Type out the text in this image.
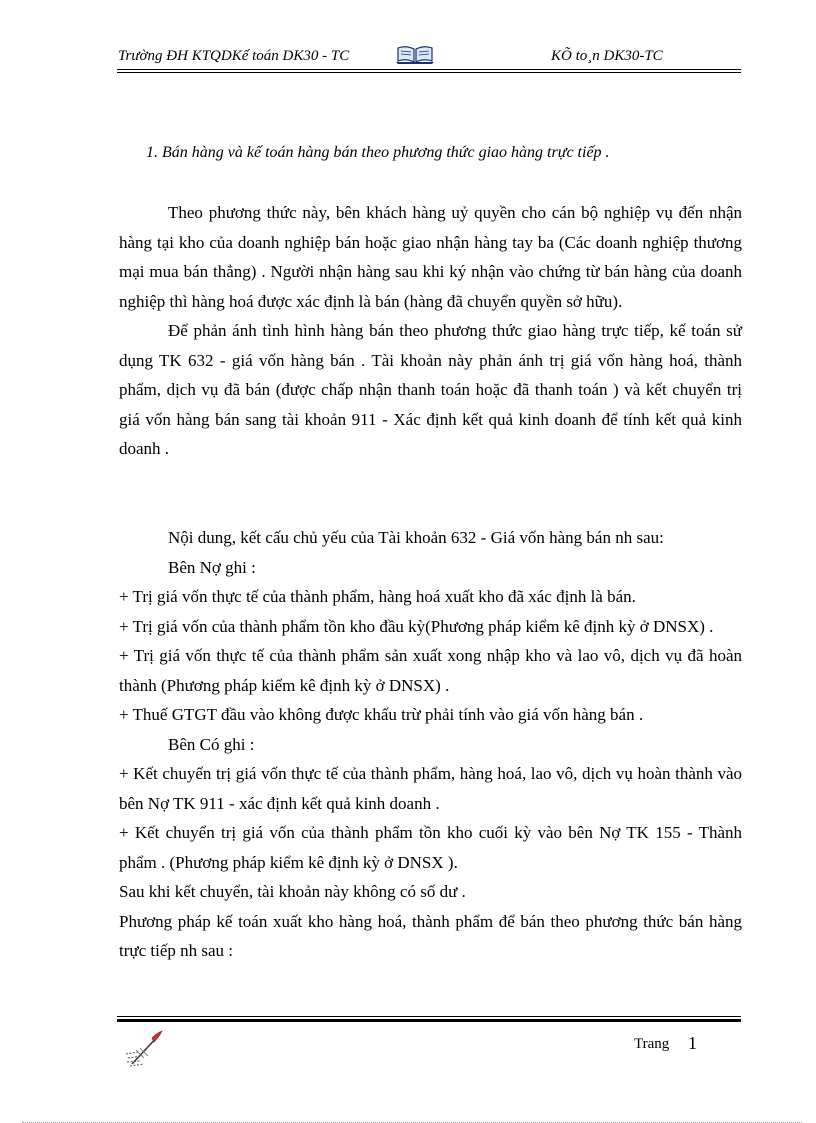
Trường ĐH KTQDKế toán DK30 - TC	KÕ to¸n DK30-TC
1. Bán hàng và kế toán hàng bán theo phương thức giao hàng trực tiếp .

Theo phương thức này, bên khách hàng uỷ quyền cho cán bộ nghiệp vụ đến nhận hàng tại kho của doanh nghiệp bán hoặc giao nhận hàng tay ba (Các doanh nghiệp thương mại mua bán thẳng) . Người nhận hàng sau khi ký nhận vào chứng từ bán hàng của doanh nghiệp thì hàng hoá được xác định là bán (hàng đã chuyển quyền sở hữu).

Để phản ánh tình hình hàng bán theo phương thức giao hàng trực tiếp, kế toán sử dụng TK 632 - giá vốn hàng bán . Tài khoản này phản ánh trị giá vốn hàng hoá, thành phẩm, dịch vụ đã bán (được chấp nhận thanh toán hoặc đã thanh toán ) và kết chuyển trị giá vốn hàng bán sang tài khoản 911 - Xác định kết quả kinh doanh để tính kết quả kinh doanh .

Nội dung, kết cấu chủ yếu của Tài khoản 632 - Giá vốn hàng bán nh sau:

Bên Nợ ghi :

+ Trị giá vốn thực tế của thành phẩm, hàng hoá xuất kho đã xác định là bán.

+ Trị giá vốn của thành phẩm tồn kho đầu kỳ(Phương pháp kiểm kê định kỳ ở DNSX) .

+ Trị giá vốn thực tế của thành phẩm sản xuất xong nhập kho và lao vô, dịch vụ đã hoàn thành (Phương pháp kiểm kê định kỳ ở DNSX) .

+ Thuế GTGT đầu vào không được khấu trừ phải tính vào giá vốn hàng bán .

Bên Có ghi :

+ Kết chuyển trị giá vốn thực tế của thành phẩm, hàng hoá, lao vô, dịch vụ hoàn thành vào bên Nợ TK 911 - xác định kết quả kinh doanh .

+ Kết chuyển trị giá vốn của thành phẩm tồn kho cuối kỳ vào bên Nợ TK 155 - Thành phẩm . (Phương pháp kiểm kê định kỳ ở DNSX ).

Sau khi kết chuyển, tài khoản này không có số dư .

Phương pháp kế toán xuất kho hàng hoá, thành phẩm để bán theo phương thức bán hàng trực tiếp nh sau :

Trang 1
